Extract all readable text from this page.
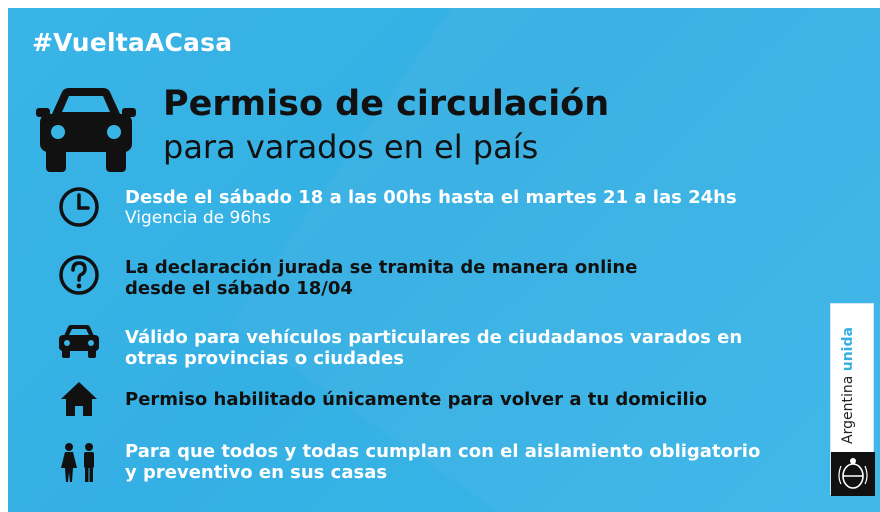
#VueltaACasa
Permiso de circulación
para varados en el país
Desde el sábado 18 a las 00hs hasta el martes 21 a las 24hs
Vigencia de 96hs
La declaración jurada se tramita de manera online
desde el sábado 18/04
Válido para vehículos particulares de ciudadanos varados en
otras provincias o ciudades
Permiso habilitado únicamente para volver a tu domicilio
Para que todos y todas cumplan con el aislamiento obligatorio
y preventivo en sus casas
Argentina unida
